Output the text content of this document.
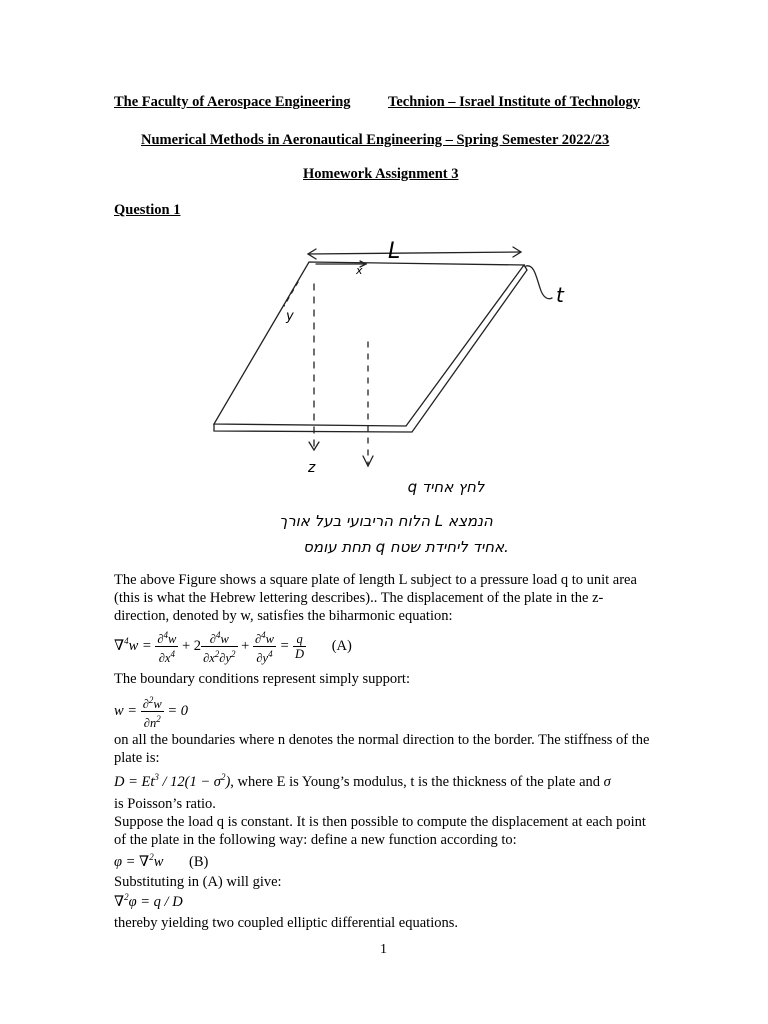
The Faculty of Aerospace Engineering	Technion – Israel Institute of Technology
Numerical Methods in Aeronautical Engineering – Spring Semester 2022/23
Homework Assignment 3
Question 1
L
x
y
z
t
q לחץ אחיד
הלוח הריבועי בעל אורך L הנמצא
תחת עומס q אחיד ליחידת שטח.

The above Figure shows a square plate of length L subject to a pressure load q to unit area (this is what the Hebrew lettering describes).. The displacement of the plate in the z-direction, denoted by w, satisfies the biharmonic equation:

$\nabla^4w = \frac{\partial^4w}{\partial x^4} + 2 \frac{\partial^4w}{\partial x^2\partial y^2} + \frac{\partial^4w}{\partial y^4} = \frac{q}{D} (A)$

The boundary conditions represent simply support:

$w = \frac{\partial^2w}{\partial n^2} = 0$

on all the boundaries where n denotes the normal direction to the border. The stiffness of the plate is:

$D = Et^3 / 12(1 - \sigma^2)$, where E is Young’s modulus, t is the thickness of the plate and σ

is Poisson’s ratio.

Suppose the load q is constant. It is then possible to compute the displacement at each point of the plate in the following way: define a new function according to:

φ = ∇$^2$w (B)

Substituting in (A) will give:

∇$^2$φ = q / D

thereby yielding two coupled elliptic differential equations.

1
